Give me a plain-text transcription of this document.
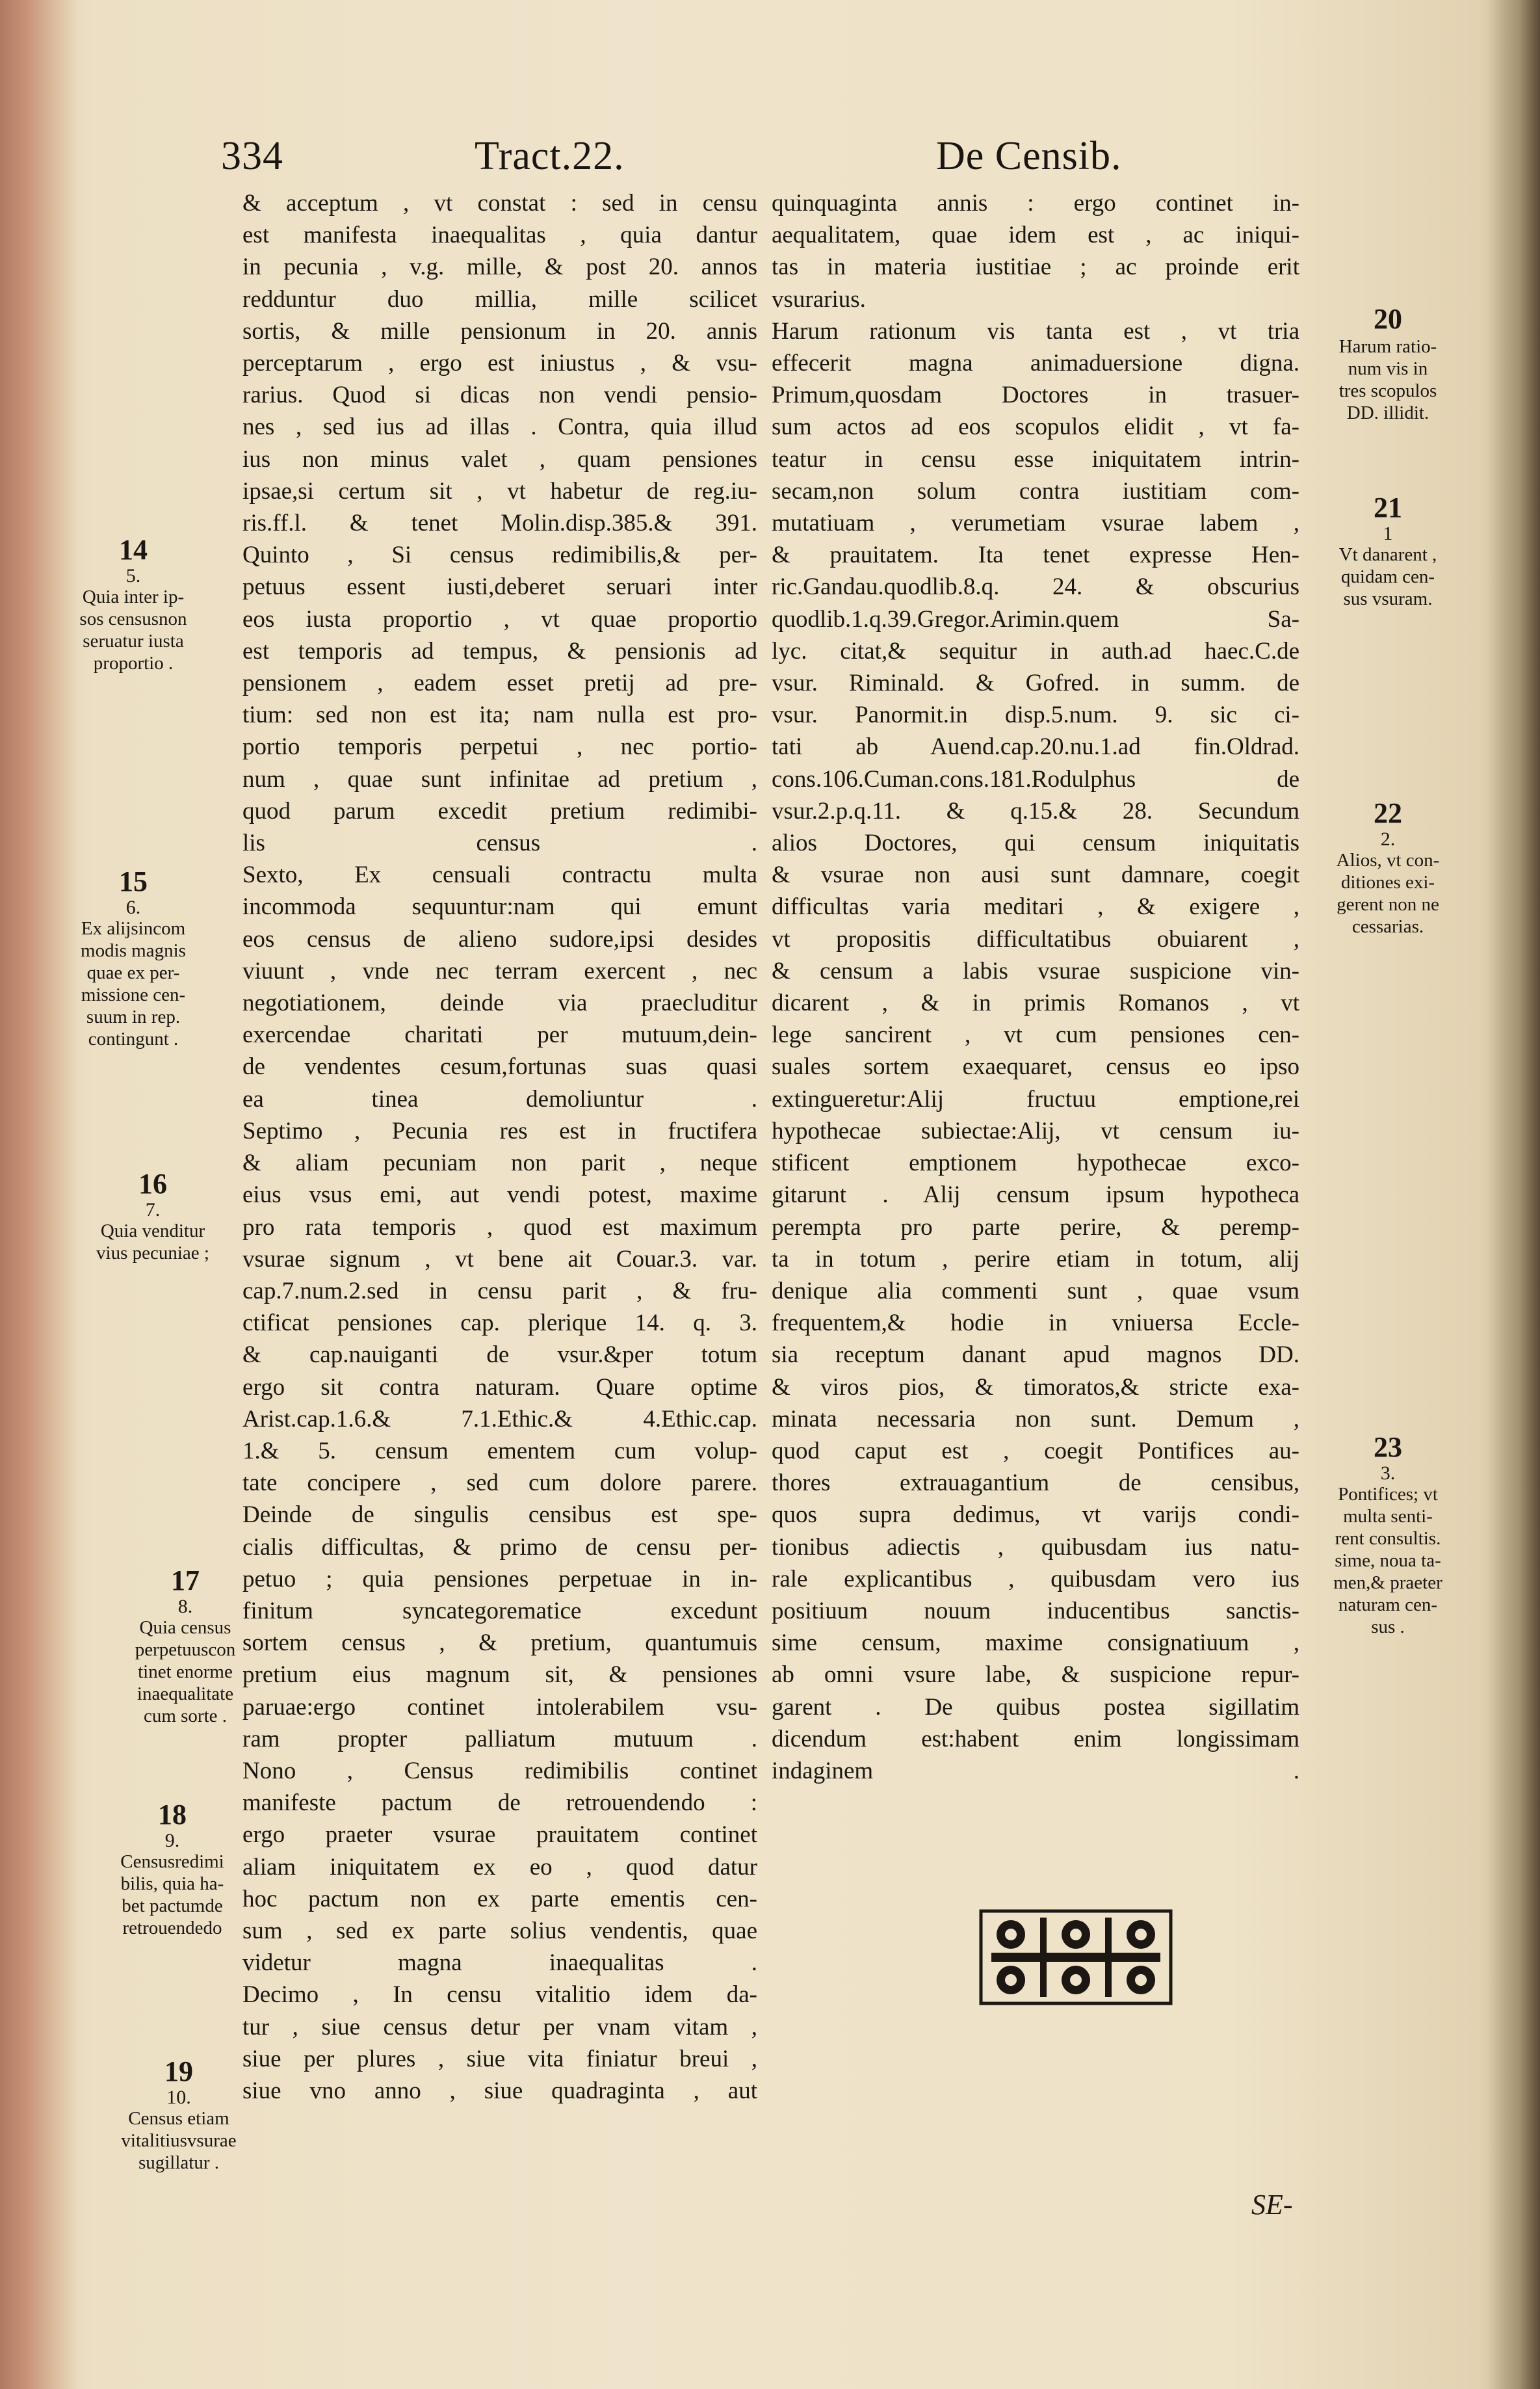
334	Tract.22.	De Censib.
& acceptum , vt constat : sed in censu
est manifesta inaequalitas , quia dantur
in pecunia , v.g. mille, & post 20. annos
redduntur duo millia, mille scilicet
sortis, & mille pensionum in 20. annis
perceptarum , ergo est iniustus , & vsu-
rarius. Quod si dicas non vendi pensio-
nes , sed ius ad illas . Contra, quia illud
ius non minus valet , quam pensiones
ipsae,si certum sit , vt habetur de reg.iu-
ris.ff.l. & tenet Molin.disp.385.& 391.
Quinto , Si census redimibilis,& per-
petuus essent iusti,deberet seruari inter
eos iusta proportio , vt quae proportio
est temporis ad tempus, & pensionis ad
pensionem , eadem esset pretij ad pre-
tium: sed non est ita; nam nulla est pro-
portio temporis perpetui , nec portio-
num , quae sunt infinitae ad pretium ,
quod parum excedit pretium redimibi-
lis census .
Sexto, Ex censuali contractu multa
incommoda sequuntur:nam qui emunt
eos census de alieno sudore,ipsi desides
viuunt , vnde nec terram exercent , nec
negotiationem, deinde via praecluditur
exercendae charitati per mutuum,dein-
de vendentes cesum,fortunas suas quasi
ea tinea demoliuntur .
Septimo , Pecunia res est in fructifera
& aliam pecuniam non parit , neque
eius vsus emi, aut vendi potest, maxime
pro rata temporis , quod est maximum
vsurae signum , vt bene ait Couar.3. var.
cap.7.num.2.sed in censu parit , & fru-
ctificat pensiones cap. plerique 14. q. 3.
& cap.nauiganti de vsur.&per totum
ergo sit contra naturam. Quare optime
Arist.cap.1.6.& 7.1.Ethic.& 4.Ethic.cap.
1.& 5. censum ementem cum volup-
tate concipere , sed cum dolore parere.
Deinde de singulis censibus est spe-
cialis difficultas, & primo de censu per-
petuo ; quia pensiones perpetuae in in-
finitum syncategorematice excedunt
sortem census , & pretium, quantumuis
pretium eius magnum sit, & pensiones
paruae:ergo continet intolerabilem vsu-
ram propter palliatum mutuum .
Nono , Census redimibilis continet
manifeste pactum de retrouendendo :
ergo praeter vsurae prauitatem continet
aliam iniquitatem ex eo , quod datur
hoc pactum non ex parte ementis cen-
sum , sed ex parte solius vendentis, quae
videtur magna inaequalitas .
Decimo , In censu vitalitio idem da-
tur , siue census detur per vnam vitam ,
siue per plures , siue vita finiatur breui ,
siue vno anno , siue quadraginta , aut
quinquaginta annis : ergo continet in-
aequalitatem, quae idem est , ac iniqui-
tas in materia iustitiae ; ac proinde erit
vsurarius.
Harum rationum vis tanta est , vt tria
effecerit magna animaduersione digna.
Primum,quosdam Doctores in trasuer-
sum actos ad eos scopulos elidit , vt fa-
teatur in censu esse iniquitatem intrin-
secam,non solum contra iustitiam com-
mutatiuam , verumetiam vsurae labem ,
& prauitatem. Ita tenet expresse Hen-
ric.Gandau.quodlib.8.q. 24. & obscurius
quodlib.1.q.39.Gregor.Arimin.quem Sa-
lyc. citat,& sequitur in auth.ad haec.C.de
vsur. Riminald. & Gofred. in summ. de
vsur. Panormit.in disp.5.num. 9. sic ci-
tati ab Auend.cap.20.nu.1.ad fin.Oldrad.
cons.106.Cuman.cons.181.Rodulphus de
vsur.2.p.q.11. & q.15.& 28. Secundum
alios Doctores, qui censum iniquitatis
& vsurae non ausi sunt damnare, coegit
difficultas varia meditari , & exigere ,
vt propositis difficultatibus obuiarent ,
& censum a labis vsurae suspicione vin-
dicarent , & in primis Romanos , vt
lege sancirent , vt cum pensiones cen-
suales sortem exaequaret, census eo ipso
extingueretur:Alij fructuu emptione,rei
hypothecae subiectae:Alij, vt censum iu-
stificent emptionem hypothecae exco-
gitarunt . Alij censum ipsum hypotheca
perempta pro parte perire, & peremp-
ta in totum , perire etiam in totum, alij
denique alia commenti sunt , quae vsum
frequentem,& hodie in vniuersa Eccle-
sia receptum danant apud magnos DD.
& viros pios, & timoratos,& stricte exa-
minata necessaria non sunt. Demum ,
quod caput est , coegit Pontifices au-
thores extrauagantium de censibus,
quos supra dedimus, vt varijs condi-
tionibus adiectis , quibusdam ius natu-
rale explicantibus , quibusdam vero ius
positiuum nouum inducentibus sanctis-
sime censum, maxime consignatiuum ,
ab omni vsure labe, & suspicione repur-
garent . De quibus postea sigillatim
dicendum est:habent enim longissimam
indaginem .
14
5.
Quia inter ip-
sos censusnon
seruatur iusta
proportio .
15
6.
Ex alijsincom
modis magnis
quae ex per-
missione cen-
suum in rep.
contingunt .
16
7.
Quia venditur
vius pecuniae ;
17
8.
Quia census
perpetuuscon
tinet enorme
inaequalitate
cum sorte .
18
9.
Censusredimi
bilis, quia ha-
bet pactumde
retrouendedo
19
10.
Census etiam
vitalitiusvsurae
sugillatur .
20
Harum ratio-
num vis in
tres scopulos
DD. illidit.
21
1
Vt danarent ,
quidam cen-
sus vsuram.
22
2.
Alios, vt con-
ditiones exi-
gerent non ne
cessarias.
23
3.
Pontifices; vt
multa senti-
rent consultis.
sime, noua ta-
men,& praeter
naturam cen-
sus .
SE-
